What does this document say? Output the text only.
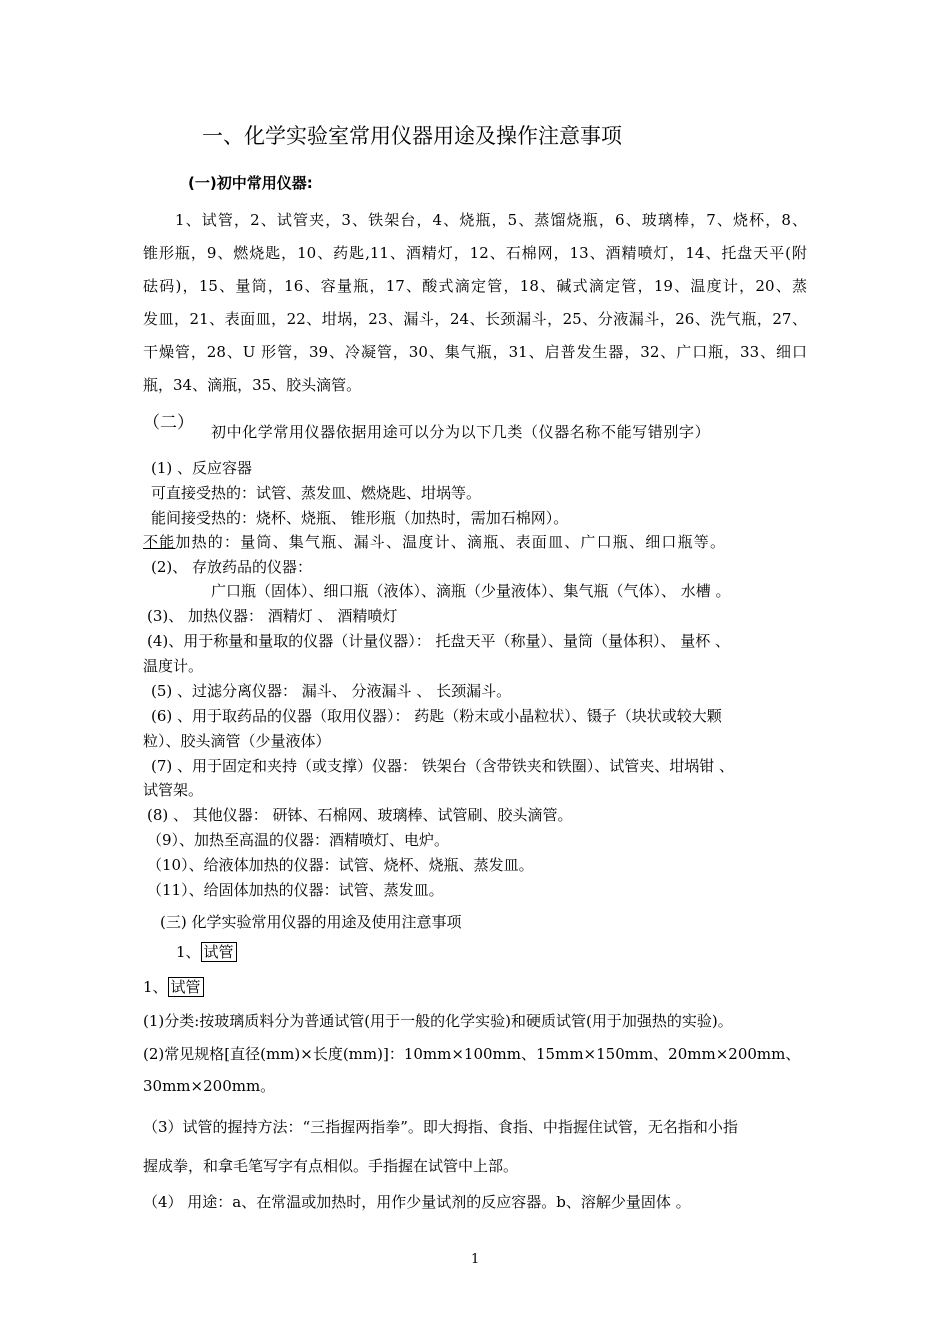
一、化学实验室常用仪器用途及操作注意事项
(一)初中常用仪器:
1、试管，2、试管夹，3、铁架台，4、烧瓶，5、蒸馏烧瓶，6、玻璃棒，7、烧杯，8、
锥形瓶，9、燃烧匙，10、药匙,11、酒精灯，12、石棉网，13、酒精喷灯，14、托盘天平(附
砝码)，15、量筒，16、容量瓶，17、酸式滴定管，18、碱式滴定管，19、温度计，20、蒸
发皿，21、表面皿，22、坩埚，23、漏斗，24、长颈漏斗，25、分液漏斗，26、洗气瓶，27、
干燥管，28、U 形管，39、冷凝管，30、集气瓶，31、启普发生器，32、广口瓶，33、细口
瓶，34、滴瓶，35、胶头滴管。
（二） 初中化学常用仪器依据用途可以分为以下几类（仪器名称不能写错别字）
(1) 、反应容器
可直接受热的：试管、蒸发皿、燃烧匙、坩埚等。
能间接受热的：烧杯、烧瓶、 锥形瓶（加热时，需加石棉网）。
不能加热的：量筒、集气瓶、漏斗、温度计、滴瓶、表面皿、广口瓶、细口瓶等。
(2)、 存放药品的仪器：
广口瓶（固体）、细口瓶（液体）、滴瓶（少量液体）、集气瓶（气体）、 水槽 。
(3)、 加热仪器： 酒精灯 、 酒精喷灯
(4)、用于称量和量取的仪器（计量仪器）： 托盘天平（称量）、量筒（量体积）、 量杯 、
温度计。
(5) 、过滤分离仪器： 漏斗、 分液漏斗 、 长颈漏斗。
(6) 、用于取药品的仪器（取用仪器）： 药匙（粉末或小晶粒状）、镊子（块状或较大颗
粒）、胶头滴管（少量液体）
(7) 、用于固定和夹持（或支撑）仪器： 铁架台（含带铁夹和铁圈）、试管夹、坩埚钳 、
试管架。
(8) 、 其他仪器： 研钵、石棉网、玻璃棒、试管刷、胶头滴管。
（9）、加热至高温的仪器：酒精喷灯、电炉。
（10）、给液体加热的仪器：试管、烧杯、烧瓶、蒸发皿。
（11）、给固体加热的仪器：试管、蒸发皿。
(三) 化学实验常用仪器的用途及使用注意事项
1、 试管
1、 试管
(1)分类:按玻璃质料分为普通试管(用于一般的化学实验)和硬质试管(用于加强热的实验)。
(2)常见规格[直径(mm)×长度(mm)]：10mm×100mm、15mm×150mm、20mm×200mm、
30mm×200mm。
（3）试管的握持方法：“三指握两指拳”。即大拇指、食指、中指握住试管，无名指和小指
握成拳，和拿毛笔写字有点相似。手指握在试管中上部。
（4） 用途：a、在常温或加热时，用作少量试剂的反应容器。b、溶解少量固体 。
1
